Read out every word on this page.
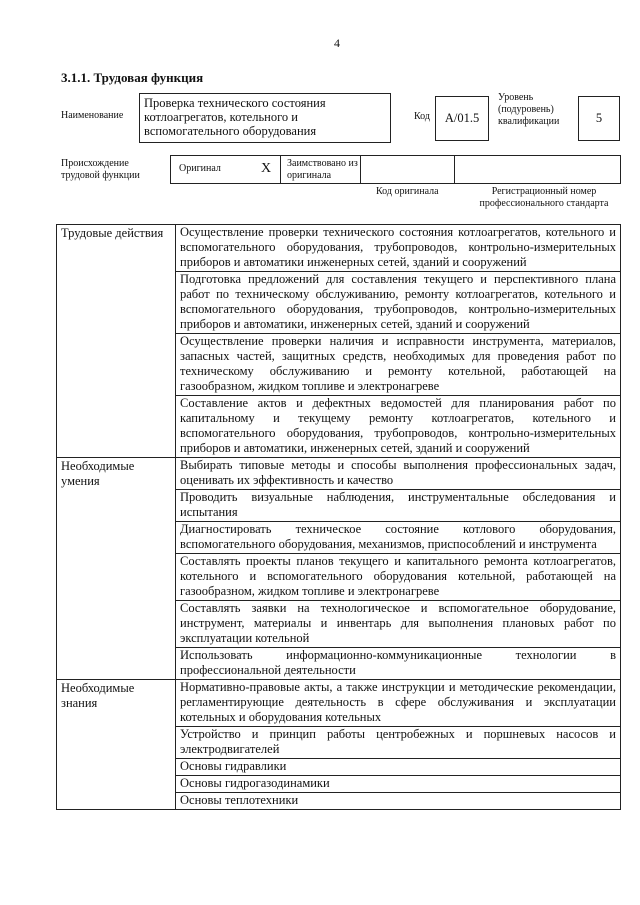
4
3.1.1. Трудовая функция
Наименование
Проверка технического состояния котлоагрегатов, котельного и вспомогательного оборудования
Код	A/01.5
Уровень (подуровень) квалификации	5
Происхождение трудовой функции
Оригинал	X Заимствовано из оригинала
Код оригинала	Регистрационный номер профессионального стандарта
Трудовые действия	Осуществление проверки технического состояния котлоагрегатов, котельного и вспомогательного оборудования, трубопроводов, контрольно-измерительных приборов и автоматики инженерных сетей, зданий и сооружений
	Подготовка предложений для составления текущего и перспективного плана работ по техническому обслуживанию, ремонту котлоагрегатов, котельного и вспомогательного оборудования, трубопроводов, контрольно-измерительных приборов и автоматики, инженерных сетей, зданий и сооружений
	Осуществление проверки наличия и исправности инструмента, материалов, запасных частей, защитных средств, необходимых для проведения работ по техническому обслуживанию и ремонту котельной, работающей на газообразном, жидком топливе и электронагреве
	Составление актов и дефектных ведомостей для планирования работ по капитальному и текущему ремонту котлоагрегатов, котельного и вспомогательного оборудования, трубопроводов, контрольно-измерительных приборов и автоматики, инженерных сетей, зданий и сооружений
Необходимые умения	Выбирать типовые методы и способы выполнения профессиональных задач, оценивать их эффективность и качество
	Проводить визуальные наблюдения, инструментальные обследования и испытания
	Диагностировать техническое состояние котлового оборудования, вспомогательного оборудования, механизмов, приспособлений и инструмента
	Составлять проекты планов текущего и капитального ремонта котлоагрегатов, котельного и вспомогательного оборудования котельной, работающей на газообразном, жидком топливе и электронагреве
	Составлять заявки на технологическое и вспомогательное оборудование, инструмент, материалы и инвентарь для выполнения плановых работ по эксплуатации котельной
	Использовать информационно-коммуникационные технологии в профессиональной деятельности
Необходимые знания	Нормативно-правовые акты, а также инструкции и методические рекомендации, регламентирующие деятельность в сфере обслуживания и эксплуатации котельных и оборудования котельных
	Устройство и принцип работы центробежных и поршневых насосов и электродвигателей
	Основы гидравлики
	Основы гидрогазодинамики
	Основы теплотехники
